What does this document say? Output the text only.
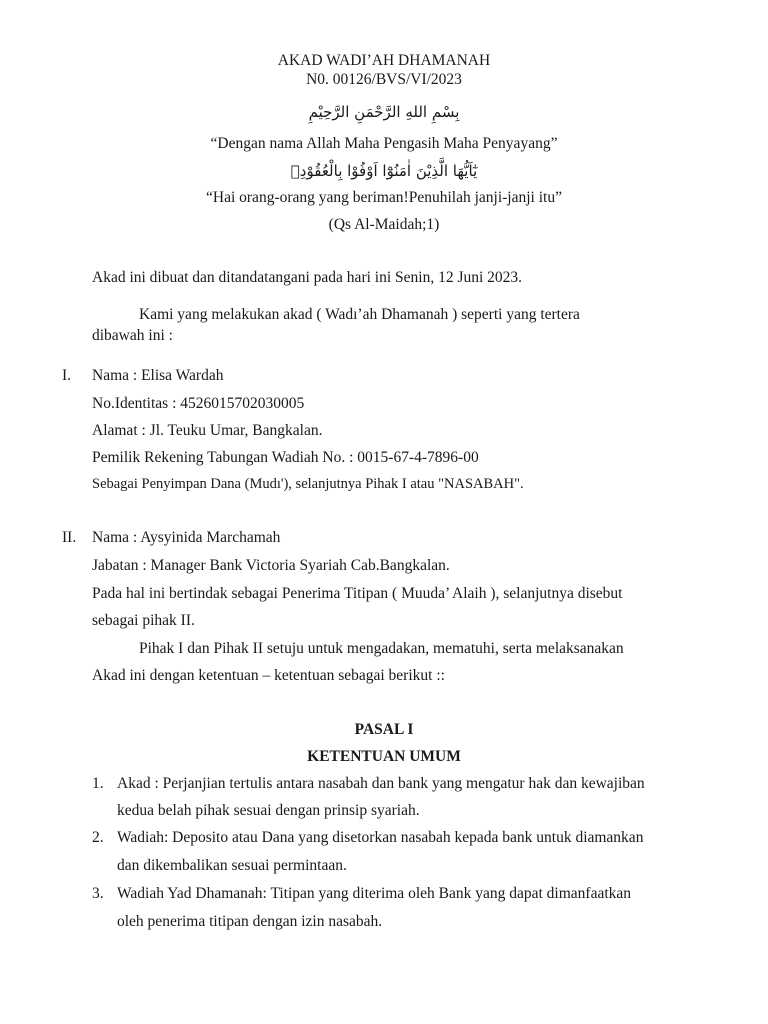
AKAD WADI’AH DHAMANAH
N0. 00126/BVS/VI/2023
بِسْمِ اللهِ الرَّحْمَنِ الرَّحِيْمِ
“Dengan nama Allah Maha Pengasih Maha Penyayang”
يٰٓاَيُّهَا الَّذِيْنَ اٰمَنُوْٓا اَوْفُوْا بِالْعُقُوْدِۗ
“Hai orang-orang yang beriman!Penuhilah janji-janji itu”
(Qs Al-Maidah;1)
Akad ini dibuat dan ditandatangani pada hari ini Senin, 12 Juni 2023.
Kami yang melakukan akad ( Wadı’ah Dhamanah ) seperti yang tertera
dibawah ini :
I. Nama : Elisa Wardah
No.Identitas : 4526015702030005
Alamat : Jl. Teuku Umar, Bangkalan.
Pemilik Rekening Tabungan Wadiah No. : 0015-67-4-7896-00
Sebagai Penyimpan Dana (Mudı'), selanjutnya Pihak I atau "NASABAH".
II. Nama : Aysyinida Marchamah
Jabatan : Manager Bank Victoria Syariah Cab.Bangkalan.
Pada hal ini bertindak sebagai Penerima Titipan ( Muuda’ Alaih ), selanjutnya disebut
sebagai pihak II.
Pihak I dan Pihak II setuju untuk mengadakan, mematuhi, serta melaksanakan
Akad ini dengan ketentuan – ketentuan sebagai berikut ::
PASAL I
KETENTUAN UMUM
1. Akad : Perjanjian tertulis antara nasabah dan bank yang mengatur hak dan kewajiban
kedua belah pihak sesuai dengan prinsip syariah.
2. Wadiah: Deposito atau Dana yang disetorkan nasabah kepada bank untuk diamankan
dan dikembalikan sesuai permintaan.
3. Wadiah Yad Dhamanah: Titipan yang diterima oleh Bank yang dapat dimanfaatkan
oleh penerima titipan dengan izin nasabah.
